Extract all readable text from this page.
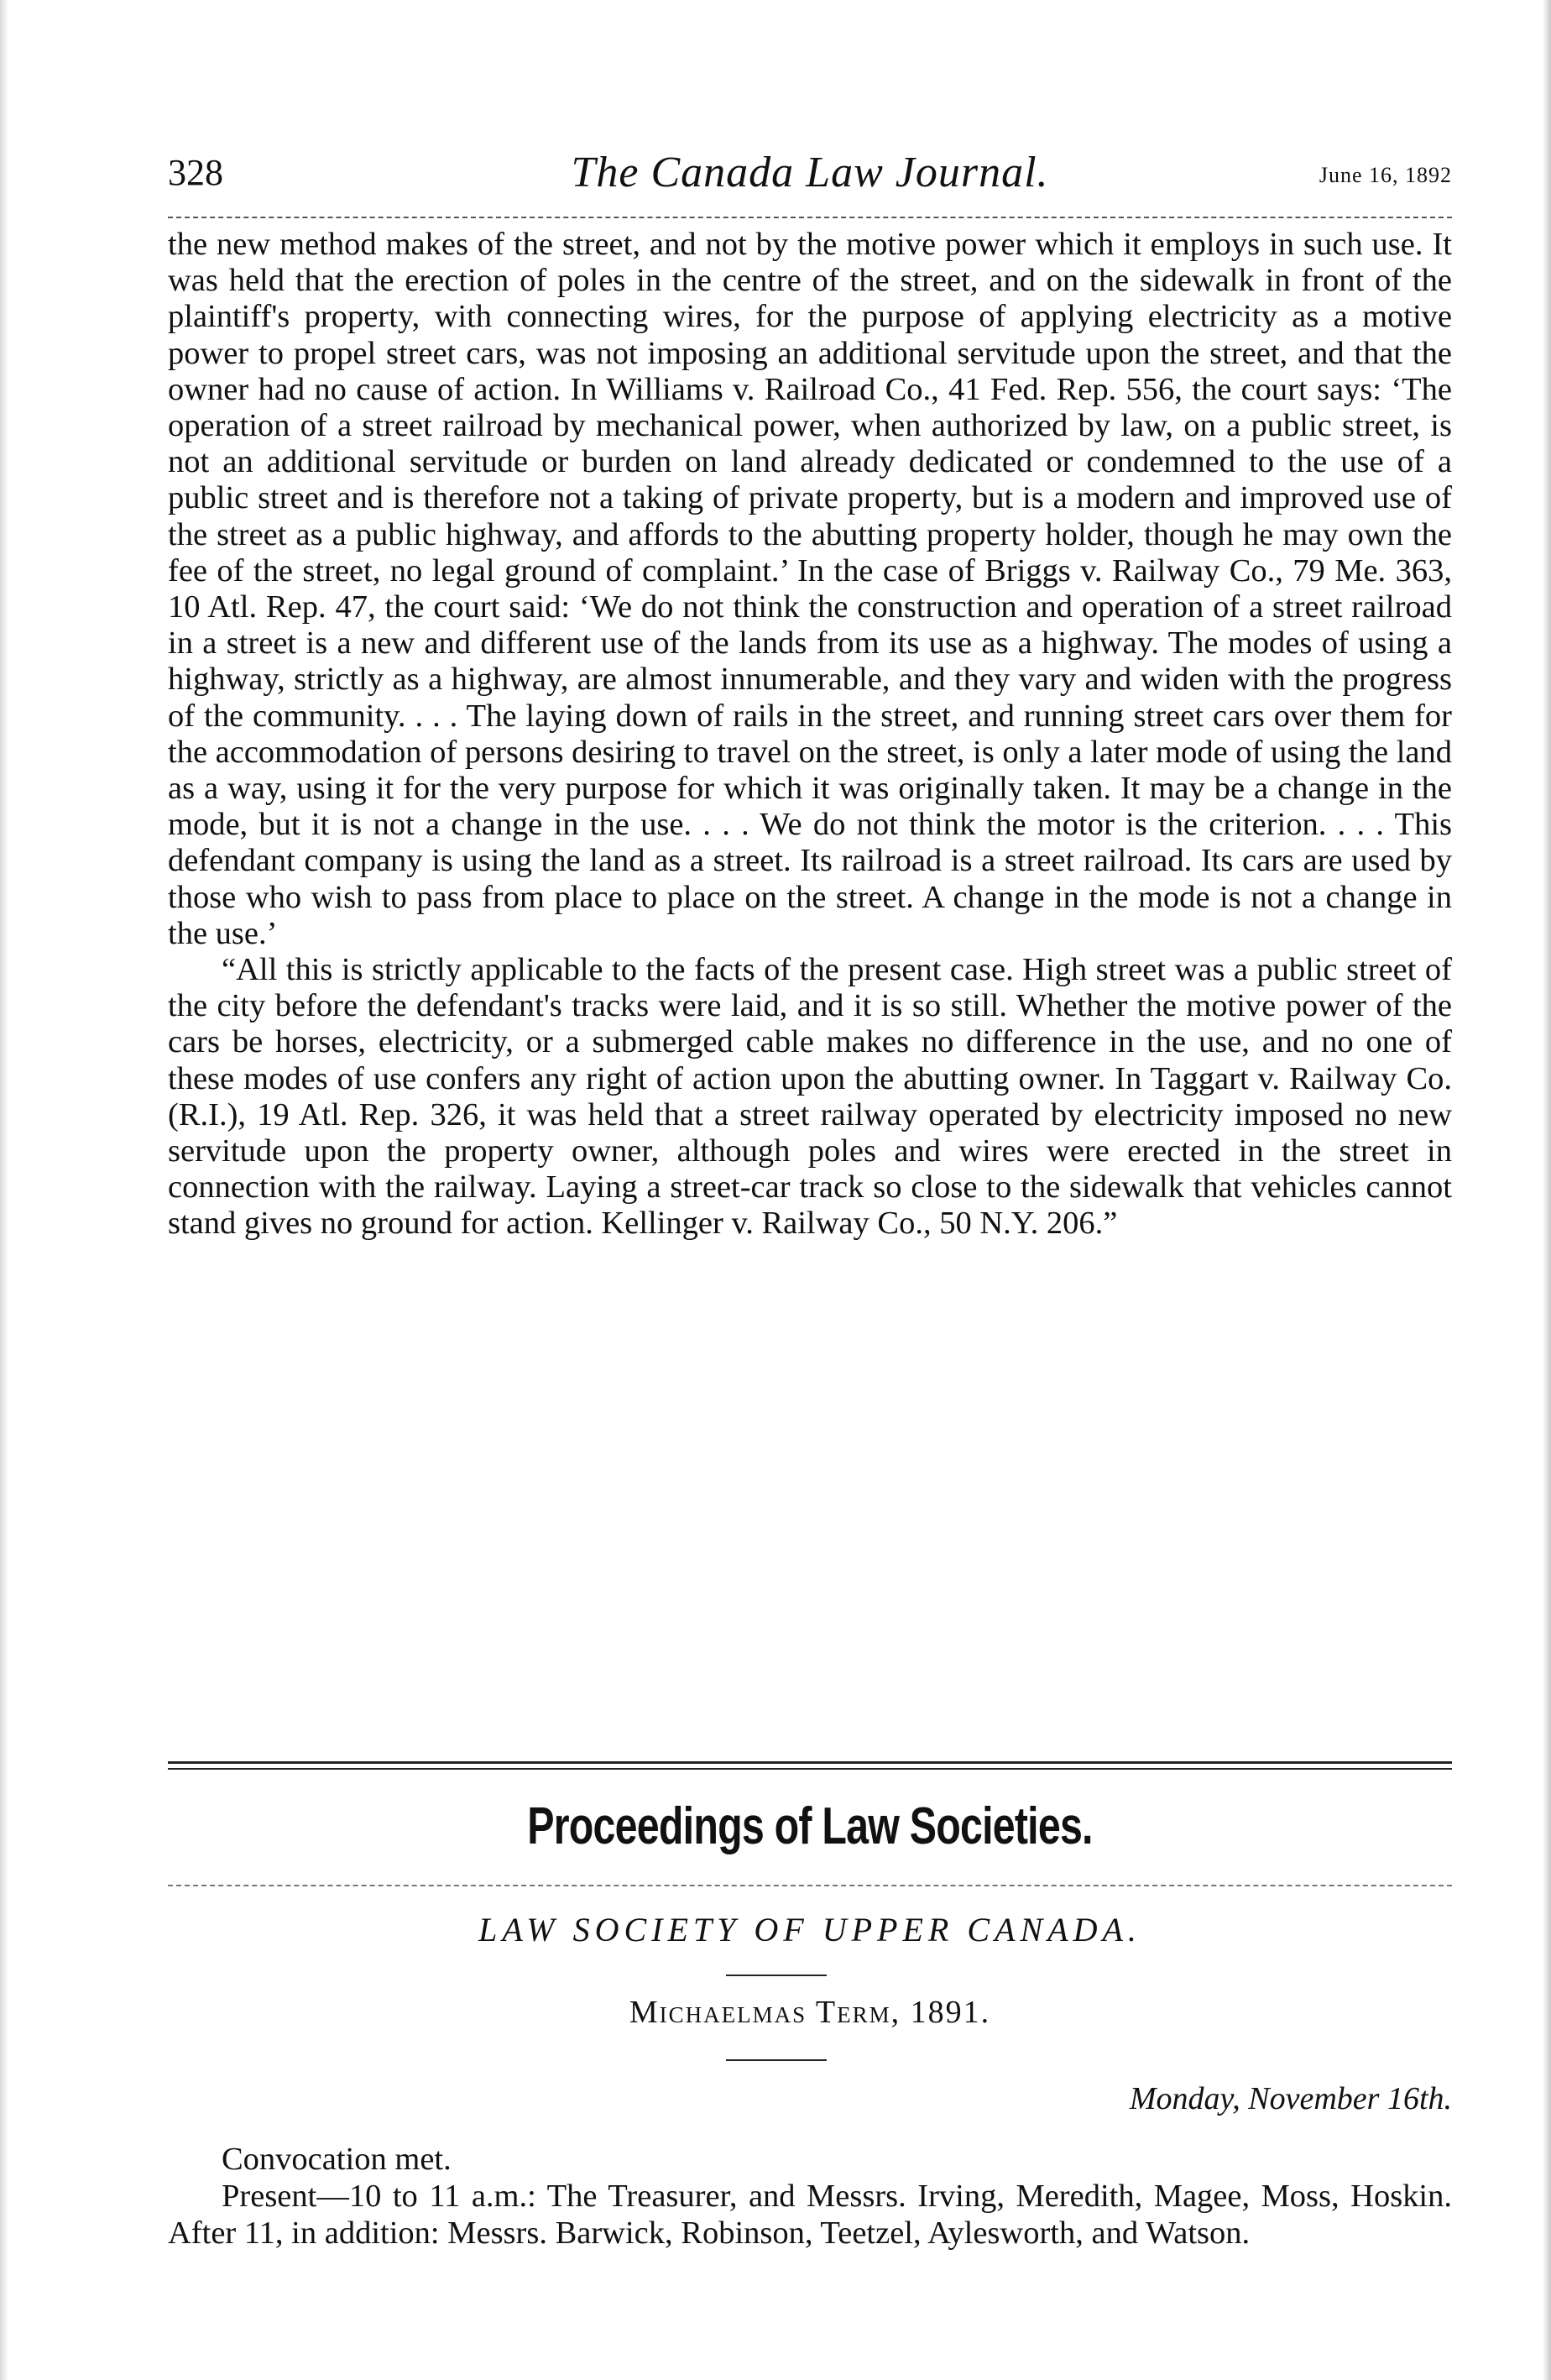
328	The Canada Law Journal.	June 16, 1892

the new method makes of the street, and not by the motive power which it employs in such use. It was held that the erection of poles in the centre of the street, and on the sidewalk in front of the plaintiff's property, with connecting wires, for the purpose of applying electricity as a motive power to propel street cars, was not imposing an additional servitude upon the street, and that the owner had no cause of action. In Williams v. Railroad Co., 41 Fed. Rep. 556, the court says: ‘The operation of a street railroad by mechanical power, when authorized by law, on a public street, is not an additional servitude or burden on land already dedicated or condemned to the use of a public street and is therefore not a taking of private property, but is a modern and improved use of the street as a public highway, and affords to the abutting property holder, though he may own the fee of the street, no legal ground of complaint.’ In the case of Briggs v. Railway Co., 79 Me. 363, 10 Atl. Rep. 47, the court said: ‘We do not think the construction and operation of a street railroad in a street is a new and different use of the lands from its use as a highway. The modes of using a highway, strictly as a highway, are almost innumerable, and they vary and widen with the progress of the community. . . . The laying down of rails in the street, and running street cars over them for the accommodation of persons desiring to travel on the street, is only a later mode of using the land as a way, using it for the very purpose for which it was originally taken. It may be a change in the mode, but it is not a change in the use. . . . We do not think the motor is the criterion. . . . This defendant company is using the land as a street. Its railroad is a street railroad. Its cars are used by those who wish to pass from place to place on the street. A change in the mode is not a change in the use.’

“All this is strictly applicable to the facts of the present case. High street was a public street of the city before the defendant's tracks were laid, and it is so still. Whether the motive power of the cars be horses, electricity, or a submerged cable makes no difference in the use, and no one of these modes of use confers any right of action upon the abutting owner. In Taggart v. Railway Co. (R.I.), 19 Atl. Rep. 326, it was held that a street railway operated by electricity imposed no new servitude upon the property owner, although poles and wires were erected in the street in connection with the railway. Laying a street-car track so close to the sidewalk that vehicles cannot stand gives no ground for action. Kellinger v. Railway Co., 50 N.Y. 206.”

Proceedings of Law Societies.
LAW SOCIETY OF UPPER CANADA.
Michaelmas Term, 1891.
Monday, November 16th.

Convocation met.

Present—10 to 11 a.m.: The Treasurer, and Messrs. Irving, Meredith, Magee, Moss, Hoskin. After 11, in addition: Messrs. Barwick, Robinson, Teetzel, Aylesworth, and Watson.
